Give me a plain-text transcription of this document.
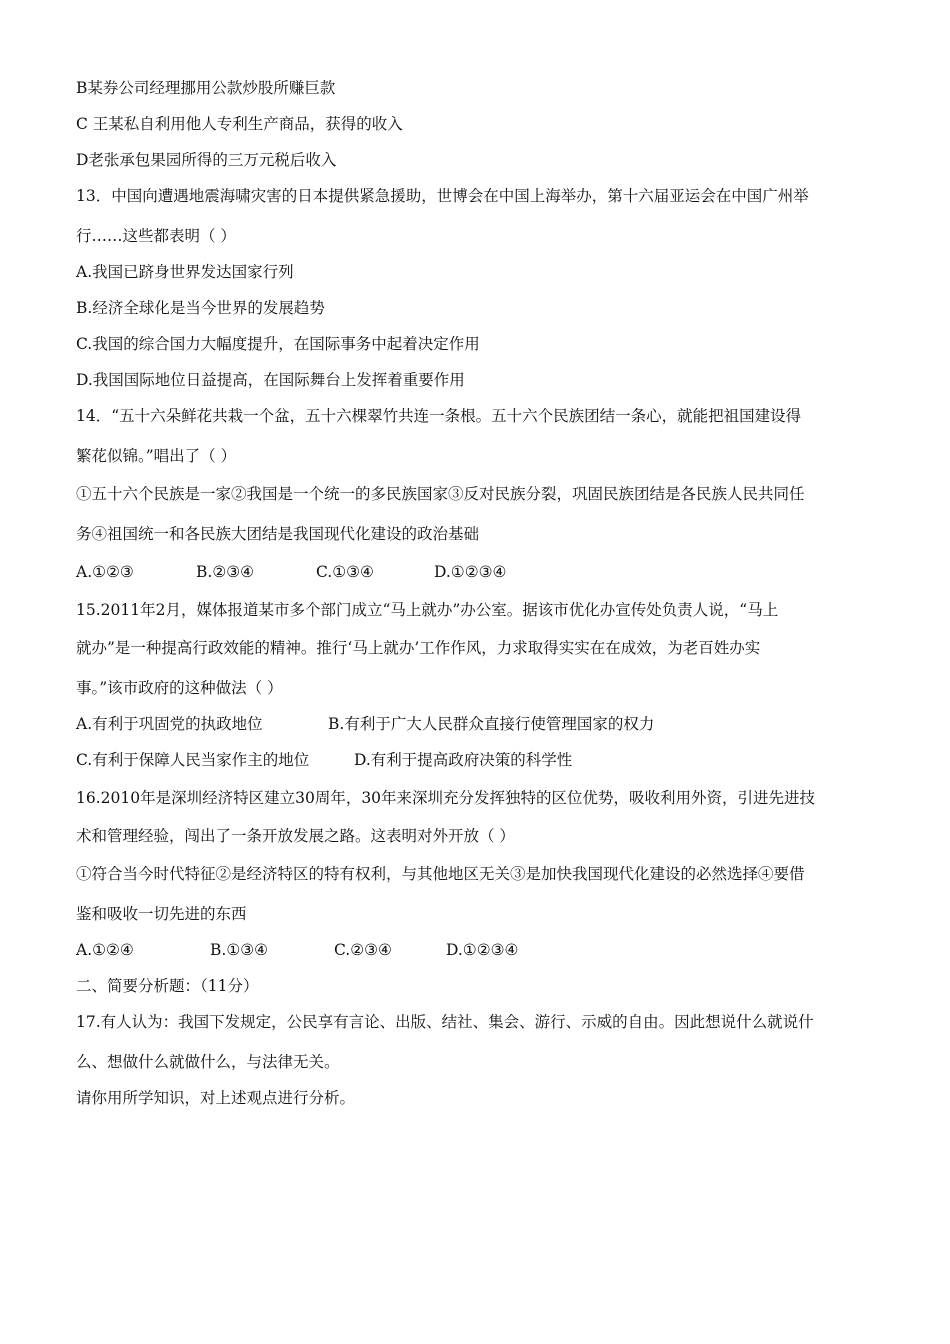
B某券公司经理挪用公款炒股所赚巨款
C 王某私自利用他人专利生产商品，获得的收入
D老张承包果园所得的三万元税后收入
13．中国向遭遇地震海啸灾害的日本提供紧急援助，世博会在中国上海举办，第十六届亚运会在中国广州举
行……这些都表明（ ）
A.我国已跻身世界发达国家行列
B.经济全球化是当今世界的发展趋势
C.我国的综合国力大幅度提升，在国际事务中起着决定作用
D.我国国际地位日益提高，在国际舞台上发挥着重要作用
14．“五十六朵鲜花共栽一个盆，五十六棵翠竹共连一条根。五十六个民族团结一条心，就能把祖国建设得
繁花似锦。”唱出了（ ）
①五十六个民族是一家②我国是一个统一的多民族国家③反对民族分裂，巩固民族团结是各民族人民共同任
务④祖国统一和各民族大团结是我国现代化建设的政治基础
A.①②③	B.②③④	C.①③④	D.①②③④
15.2011年2月，媒体报道某市多个部门成立“马上就办”办公室。据该市优化办宣传处负责人说，“马上
就办”是一种提高行政效能的精神。推行‘马上就办’工作作风，力求取得实实在在成效，为老百姓办实
事。”该市政府的这种做法（ ）
A.有利于巩固党的执政地位	B.有利于广大人民群众直接行使管理国家的权力
C.有利于保障人民当家作主的地位	D.有利于提高政府决策的科学性
16.2010年是深圳经济特区建立30周年，30年来深圳充分发挥独特的区位优势，吸收利用外资，引进先进技
术和管理经验，闯出了一条开放发展之路。这表明对外开放（ ）
①符合当今时代特征②是经济特区的特有权利，与其他地区无关③是加快我国现代化建设的必然选择④要借
鉴和吸收一切先进的东西
A.①②④	B.①③④	C.②③④	D.①②③④
二、简要分析题：（11分）
17.有人认为：我国下发规定，公民享有言论、出版、结社、集会、游行、示威的自由。因此想说什么就说什
么、想做什么就做什么，与法律无关。
请你用所学知识，对上述观点进行分析。
